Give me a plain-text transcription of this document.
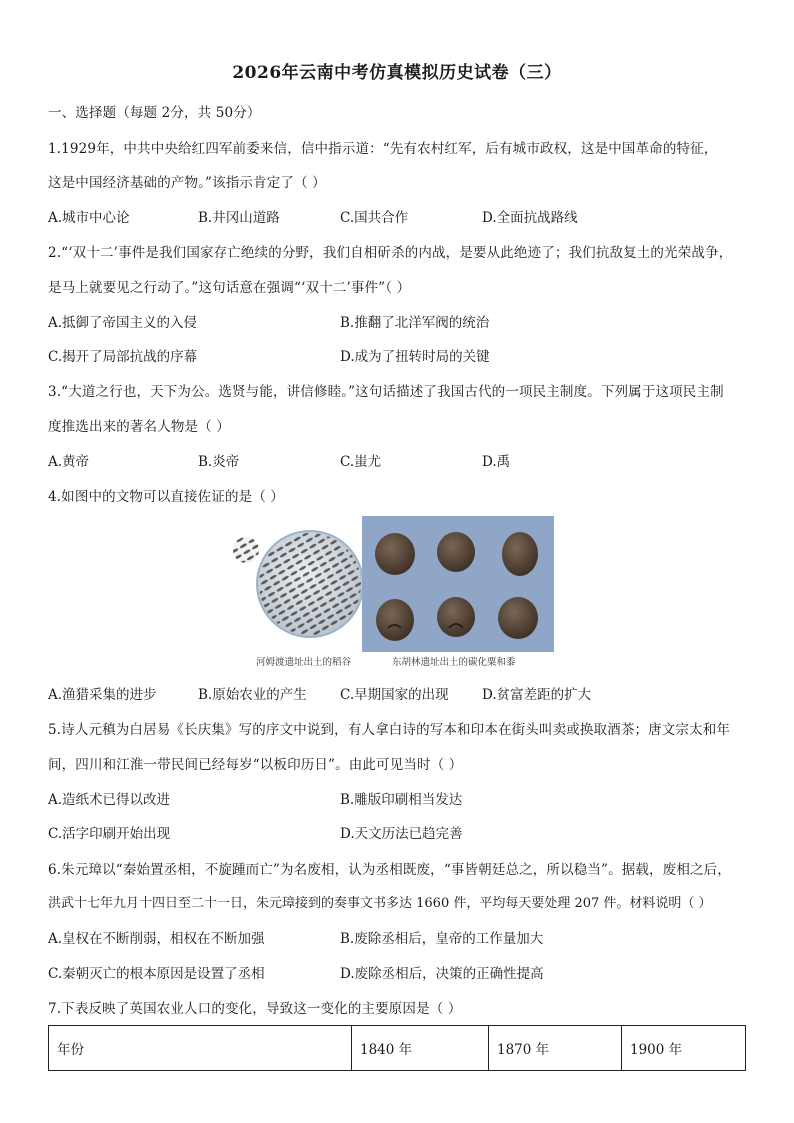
2026年云南中考仿真模拟历史试卷（三）
一、选择题（每题 2分，共 50分）
1.1929年，中共中央给红四军前委来信，信中指示道：“先有农村红军，后有城市政权，这是中国革命的特征，
这是中国经济基础的产物。”该指示肯定了（ ）
A.城市中心论	B.井冈山道路	C.国共合作	D.全面抗战路线
2.“‘双十二’事件是我们国家存亡绝续的分野，我们自相斫杀的内战，是要从此绝迹了；我们抗敌复土的光荣战争，
是马上就要见之行动了。”这句话意在强调“‘双十二’事件”（ ）
A.抵御了帝国主义的入侵	B.推翻了北洋军阀的统治
C.揭开了局部抗战的序幕	D.成为了扭转时局的关键
3.“大道之行也，天下为公。选贤与能，讲信修睦。”这句话描述了我国古代的一项民主制度。下列属于这项民主制
度推选出来的著名人物是（ ）
A.黄帝	B.炎帝	C.蚩尤	D.禹
4.如图中的文物可以直接佐证的是（ ）
河姆渡遗址出土的稻谷	东胡林遗址出土的碳化粟和黍
A.渔猎采集的进步	B.原始农业的产生 C.早期国家的出现 D.贫富差距的扩大
5.诗人元稹为白居易《长庆集》写的序文中说到，有人拿白诗的写本和印本在街头叫卖或换取酒茶；唐文宗太和年
间，四川和江淮一带民间已经每岁“以板印历日”。由此可见当时（ ）
A.造纸术已得以改进	B.雕版印刷相当发达
C.活字印刷开始出现	D.天文历法已趋完善
6.朱元璋以“秦始置丞相，不旋踵而亡”为名废相，认为丞相既废，“事皆朝廷总之，所以稳当”。据载，废相之后，
洪武十七年九月十四日至二十一日，朱元璋接到的奏事文书多达 1660 件，平均每天要处理 207 件。材料说明（ ）
A.皇权在不断削弱，相权在不断加强	B.废除丞相后，皇帝的工作量加大
C.秦朝灭亡的根本原因是设置了丞相	D.废除丞相后，决策的正确性提高
7.下表反映了英国农业人口的变化，导致这一变化的主要原因是（ ）
年份	1840 年	1870 年	1900 年
